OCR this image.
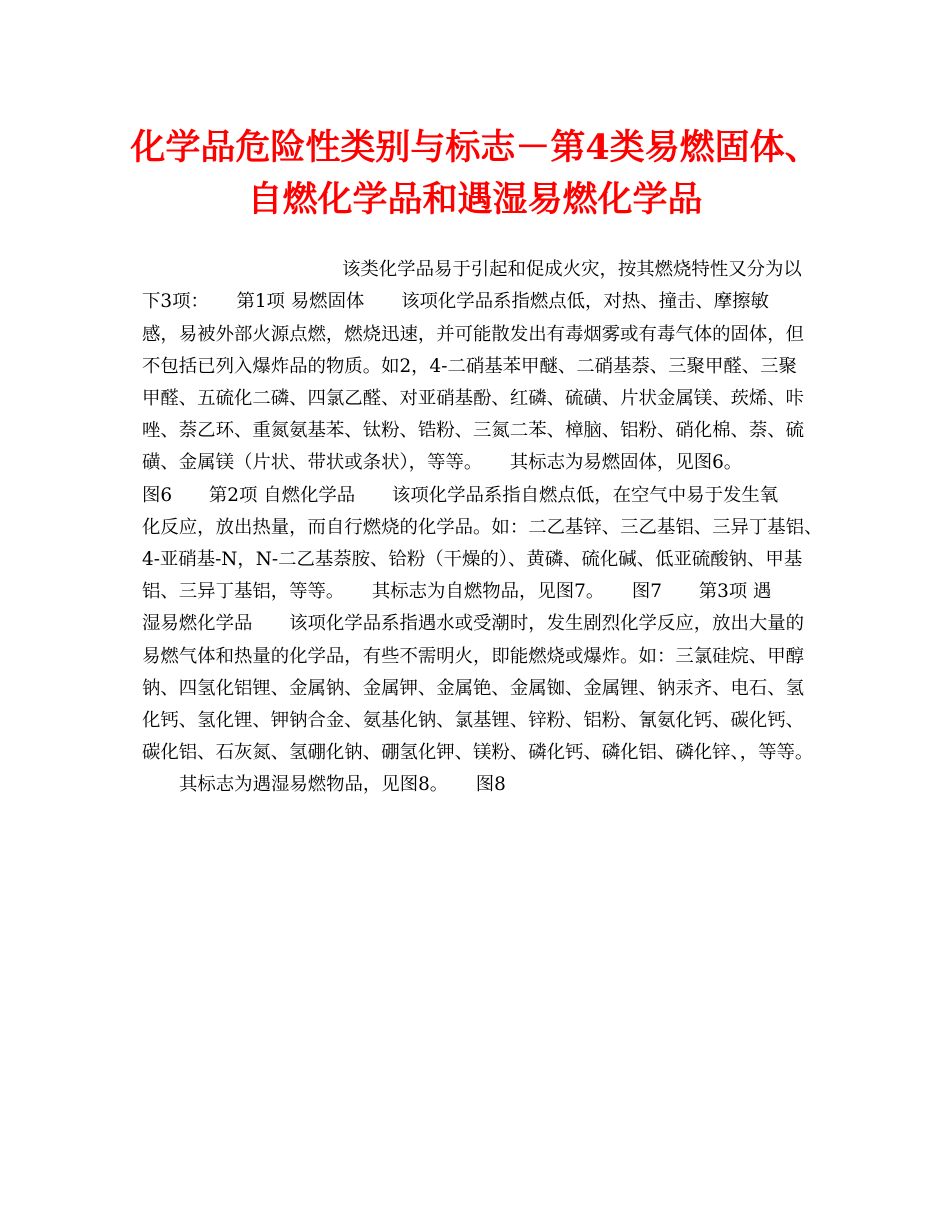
化学品危险性类别与标志－第4类易燃固体、
自燃化学品和遇湿易燃化学品
该类化学品易于引起和促成火灾，按其燃烧特性又分为以
下3项：　　第1项 易燃固体　　该项化学品系指燃点低，对热、撞击、摩擦敏
感，易被外部火源点燃，燃烧迅速，并可能散发出有毒烟雾或有毒气体的固体，但
不包括已列入爆炸品的物质。如2，4-二硝基苯甲醚、二硝基萘、三聚甲醛、三聚
甲醛、五硫化二磷、四氯乙醛、对亚硝基酚、红磷、硫磺、片状金属镁、莰烯、咔
唑、萘乙环、重氮氨基苯、钛粉、锆粉、三氮二苯、樟脑、铝粉、硝化棉、萘、硫
磺、金属镁（片状、带状或条状），等等。　　其标志为易燃固体，见图6。
图6　　第2项 自燃化学品　　该项化学品系指自燃点低，在空气中易于发生氧
化反应，放出热量，而自行燃烧的化学品。如：二乙基锌、三乙基铝、三异丁基铝、
4-亚硝基-N，N-二乙基萘胺、铪粉（干燥的）、黄磷、硫化碱、低亚硫酸钠、甲基
铝、三异丁基铝，等等。　　其标志为自燃物品，见图7。　　图7　　第3项 遇
湿易燃化学品　　该项化学品系指遇水或受潮时，发生剧烈化学反应，放出大量的
易燃气体和热量的化学品，有些不需明火，即能燃烧或爆炸。如：三氯硅烷、甲醇
钠、四氢化铝锂、金属钠、金属钾、金属铯、金属铷、金属锂、钠汞齐、电石、氢
化钙、氢化锂、钾钠合金、氨基化钠、氯基锂、锌粉、铝粉、氰氨化钙、碳化钙、
碳化铝、石灰氮、氢硼化钠、硼氢化钾、镁粉、磷化钙、磷化铝、磷化锌、，等等。
其标志为遇湿易燃物品，见图8。　　图8
